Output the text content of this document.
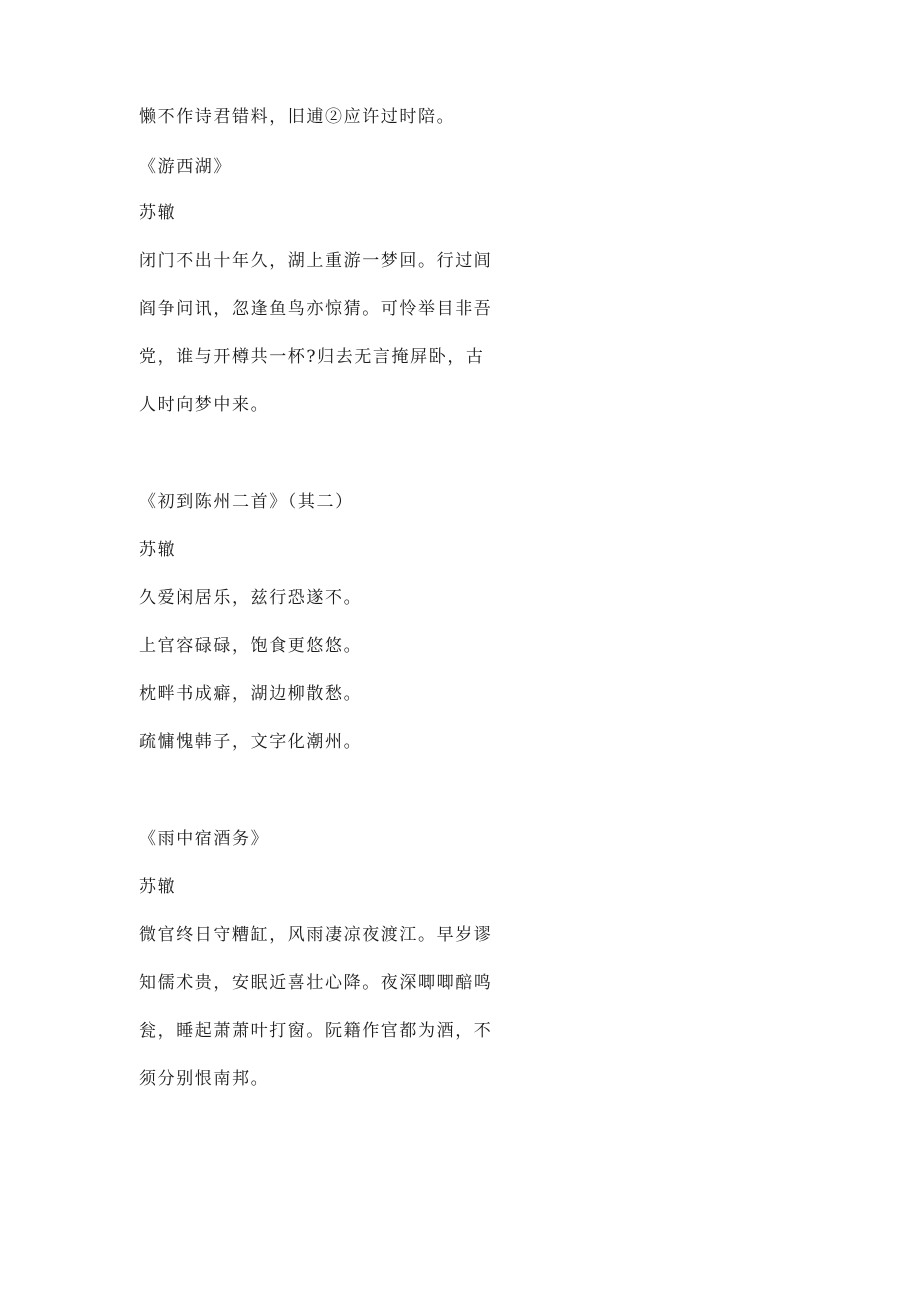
懒不作诗君错料，旧逋②应许过时陪。
《游西湖》
苏辙
闭门不出十年久，湖上重游一梦回。行过闾
阎争问讯，忽逢鱼鸟亦惊猜。可怜举目非吾
党，谁与开樽共一杯?归去无言掩屏卧，古
人时向梦中来。
《初到陈州二首》（其二）
苏辙
久爱闲居乐，兹行恐遂不。
上官容碌碌，饱食更悠悠。
枕畔书成癖，湖边柳散愁。
疏慵愧韩子，文字化潮州。
《雨中宿酒务》
苏辙
微官终日守糟缸，风雨凄凉夜渡江。早岁谬
知儒术贵，安眠近喜壮心降。夜深唧唧醅鸣
瓮，睡起萧萧叶打窗。阮籍作官都为酒，不
须分别恨南邦。
